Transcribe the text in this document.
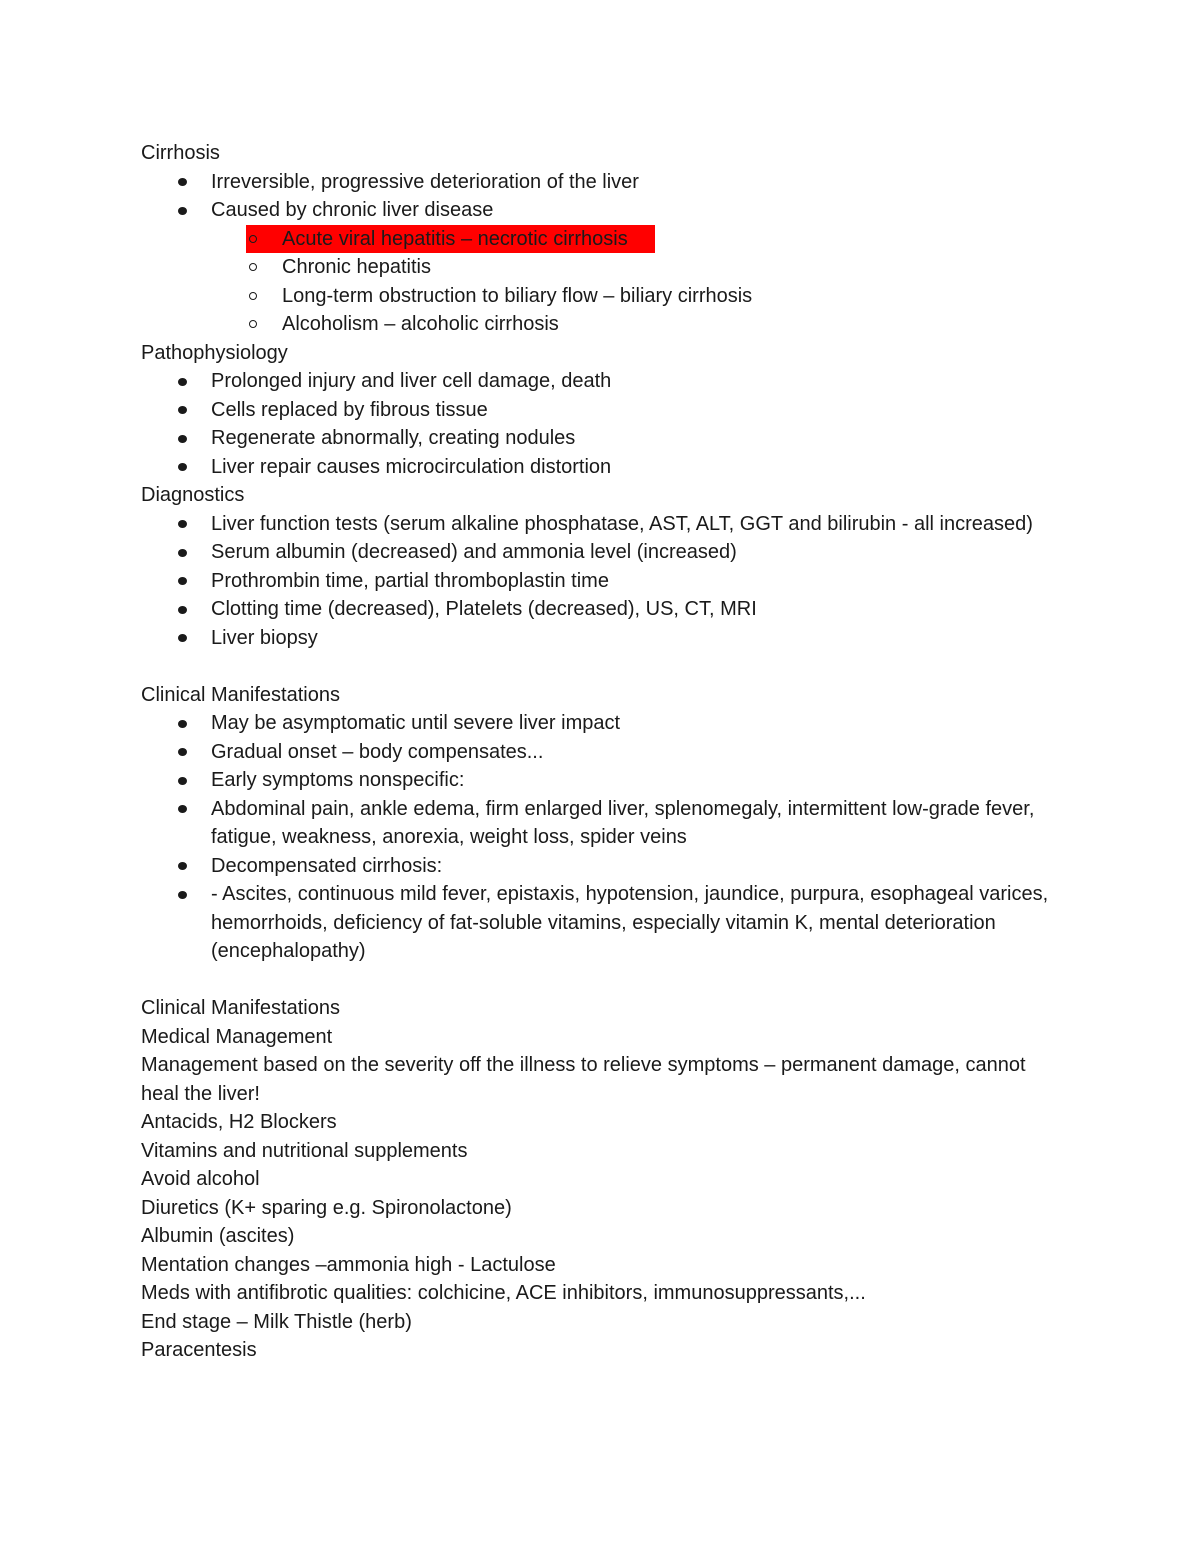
Cirrhosis

Irreversible, progressive deterioration of the liver
Caused by chronic liver disease
Acute viral hepatitis – necrotic cirrhosis
Chronic hepatitis
Long-term obstruction to biliary flow – biliary cirrhosis
Alcoholism – alcoholic cirrhosis

Pathophysiology

Prolonged injury and liver cell damage, death
Cells replaced by fibrous tissue
Regenerate abnormally, creating nodules
Liver repair causes microcirculation distortion

Diagnostics

Liver function tests (serum alkaline phosphatase, AST, ALT, GGT and bilirubin - all increased)
Serum albumin (decreased) and ammonia level (increased)
Prothrombin time, partial thromboplastin time
Clotting time (decreased), Platelets (decreased), US, CT, MRI
Liver biopsy

Clinical Manifestations

May be asymptomatic until severe liver impact
Gradual onset – body compensates...
Early symptoms nonspecific:
Abdominal pain, ankle edema, firm enlarged liver, splenomegaly, intermittent low-grade fever, fatigue, weakness, anorexia, weight loss, spider veins
Decompensated cirrhosis:
- Ascites, continuous mild fever, epistaxis, hypotension, jaundice, purpura, esophageal varices, hemorrhoids, deficiency of fat-soluble vitamins, especially vitamin K, mental deterioration (encephalopathy)

Clinical Manifestations

Medical Management

Management based on the severity off the illness to relieve symptoms – permanent damage, cannot heal the liver!

Antacids, H2 Blockers

Vitamins and nutritional supplements

Avoid alcohol

Diuretics (K+ sparing e.g. Spironolactone)

Albumin (ascites)

Mentation changes –ammonia high - Lactulose

Meds with antifibrotic qualities: colchicine, ACE inhibitors, immunosuppressants,...

End stage – Milk Thistle (herb)

Paracentesis
